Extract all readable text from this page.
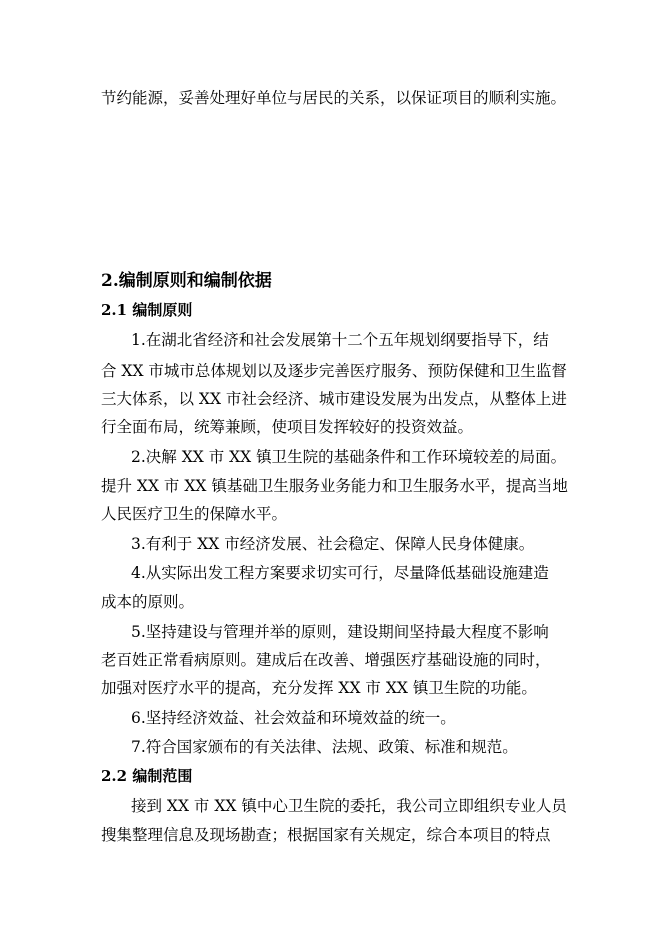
节约能源，妥善处理好单位与居民的关系，以保证项目的顺利实施。
2.编制原则和编制依据
2.1 编制原则
1.在湖北省经济和社会发展第十二个五年规划纲要指导下，结
合 XX 市城市总体规划以及逐步完善医疗服务、预防保健和卫生监督
三大体系，以 XX 市社会经济、城市建设发展为出发点，从整体上进
行全面布局，统筹兼顾，使项目发挥较好的投资效益。
2.决解 XX 市 XX 镇卫生院的基础条件和工作环境较差的局面。
提升 XX 市 XX 镇基础卫生服务业务能力和卫生服务水平，提高当地
人民医疗卫生的保障水平。
3.有利于 XX 市经济发展、社会稳定、保障人民身体健康。
4.从实际出发工程方案要求切实可行，尽量降低基础设施建造
成本的原则。
5.坚持建设与管理并举的原则，建设期间坚持最大程度不影响
老百姓正常看病原则。建成后在改善、增强医疗基础设施的同时，
加强对医疗水平的提高，充分发挥 XX 市 XX 镇卫生院的功能。
6.坚持经济效益、社会效益和环境效益的统一。
7.符合国家颁布的有关法律、法规、政策、标准和规范。
2.2 编制范围
接到 XX 市 XX 镇中心卫生院的委托，我公司立即组织专业人员
搜集整理信息及现场勘查；根据国家有关规定，综合本项目的特点
